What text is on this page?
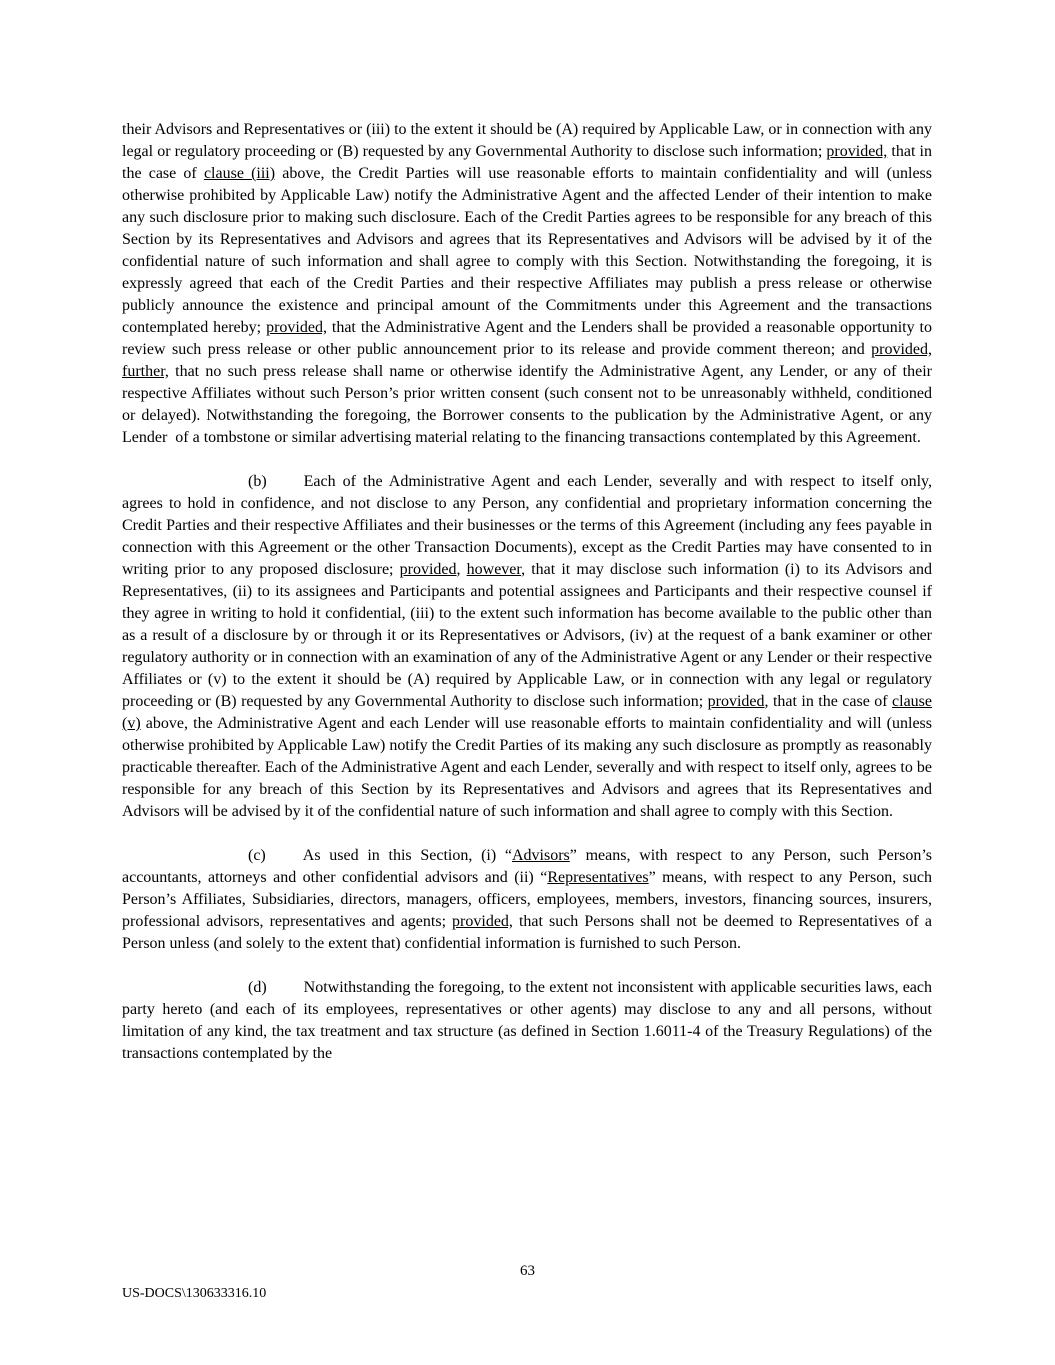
their Advisors and Representatives or (iii) to the extent it should be (A) required by Applicable Law, or in connection with any legal or regulatory proceeding or (B) requested by any Governmental Authority to disclose such information; provided, that in the case of clause (iii) above, the Credit Parties will use reasonable efforts to maintain confidentiality and will (unless otherwise prohibited by Applicable Law) notify the Administrative Agent and the affected Lender of their intention to make any such disclosure prior to making such disclosure. Each of the Credit Parties agrees to be responsible for any breach of this Section by its Representatives and Advisors and agrees that its Representatives and Advisors will be advised by it of the confidential nature of such information and shall agree to comply with this Section. Notwithstanding the foregoing, it is expressly agreed that each of the Credit Parties and their respective Affiliates may publish a press release or otherwise publicly announce the existence and principal amount of the Commitments under this Agreement and the transactions contemplated hereby; provided, that the Administrative Agent and the Lenders shall be provided a reasonable opportunity to review such press release or other public announcement prior to its release and provide comment thereon; and provided, further, that no such press release shall name or otherwise identify the Administrative Agent, any Lender, or any of their respective Affiliates without such Person’s prior written consent (such consent not to be unreasonably withheld, conditioned or delayed). Notwithstanding the foregoing, the Borrower consents to the publication by the Administrative Agent, or any Lender  of a tombstone or similar advertising material relating to the financing transactions contemplated by this Agreement.

(b) Each of the Administrative Agent and each Lender, severally and with respect to itself only, agrees to hold in confidence, and not disclose to any Person, any confidential and proprietary information concerning the Credit Parties and their respective Affiliates and their businesses or the terms of this Agreement (including any fees payable in connection with this Agreement or the other Transaction Documents), except as the Credit Parties may have consented to in writing prior to any proposed disclosure; provided, however, that it may disclose such information (i) to its Advisors and Representatives, (ii) to its assignees and Participants and potential assignees and Participants and their respective counsel if they agree in writing to hold it confidential, (iii) to the extent such information has become available to the public other than as a result of a disclosure by or through it or its Representatives or Advisors, (iv) at the request of a bank examiner or other regulatory authority or in connection with an examination of any of the Administrative Agent or any Lender or their respective Affiliates or (v) to the extent it should be (A) required by Applicable Law, or in connection with any legal or regulatory proceeding or (B) requested by any Governmental Authority to disclose such information; provided, that in the case of clause (v) above, the Administrative Agent and each Lender will use reasonable efforts to maintain confidentiality and will (unless otherwise prohibited by Applicable Law) notify the Credit Parties of its making any such disclosure as promptly as reasonably practicable thereafter. Each of the Administrative Agent and each Lender, severally and with respect to itself only, agrees to be responsible for any breach of this Section by its Representatives and Advisors and agrees that its Representatives and Advisors will be advised by it of the confidential nature of such information and shall agree to comply with this Section.

(c) As used in this Section, (i) “Advisors” means, with respect to any Person, such Person’s accountants, attorneys and other confidential advisors and (ii) “Representatives” means, with respect to any Person, such Person’s Affiliates, Subsidiaries, directors, managers, officers, employees, members, investors, financing sources, insurers, professional advisors, representatives and agents; provided, that such Persons shall not be deemed to Representatives of a Person unless (and solely to the extent that) confidential information is furnished to such Person.

(d) Notwithstanding the foregoing, to the extent not inconsistent with applicable securities laws, each party hereto (and each of its employees, representatives or other agents) may disclose to any and all persons, without limitation of any kind, the tax treatment and tax structure (as defined in Section 1.6011-4 of the Treasury Regulations) of the transactions contemplated by the

63
US-DOCS\130633316.10
